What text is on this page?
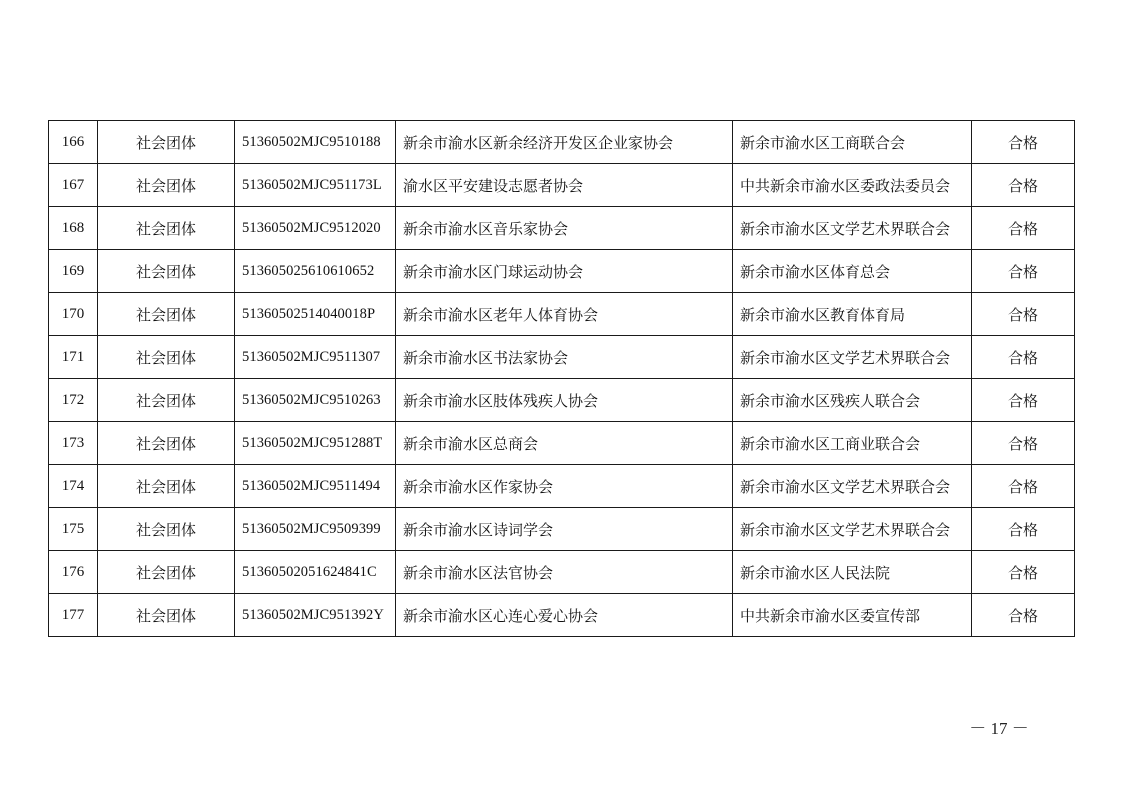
166	社会团体	51360502MJC9510188	新余市渝水区新余经济开发区企业家协会	新余市渝水区工商联合会	合格
167	社会团体	51360502MJC951173L	渝水区平安建设志愿者协会	中共新余市渝水区委政法委员会	合格
168	社会团体	51360502MJC9512020	新余市渝水区音乐家协会	新余市渝水区文学艺术界联合会	合格
169	社会团体	513605025610610652	新余市渝水区门球运动协会	新余市渝水区体育总会	合格
170	社会团体	51360502514040018P	新余市渝水区老年人体育协会	新余市渝水区教育体育局	合格
171	社会团体	51360502MJC9511307	新余市渝水区书法家协会	新余市渝水区文学艺术界联合会	合格
172	社会团体	51360502MJC9510263	新余市渝水区肢体残疾人协会	新余市渝水区残疾人联合会	合格
173	社会团体	51360502MJC951288T	新余市渝水区总商会	新余市渝水区工商业联合会	合格
174	社会团体	51360502MJC9511494	新余市渝水区作家协会	新余市渝水区文学艺术界联合会	合格
175	社会团体	51360502MJC9509399	新余市渝水区诗词学会	新余市渝水区文学艺术界联合会	合格
176	社会团体	51360502051624841C	新余市渝水区法官协会	新余市渝水区人民法院	合格
177	社会团体	51360502MJC951392Y	新余市渝水区心连心爱心协会	中共新余市渝水区委宣传部	合格
－ 17 －
